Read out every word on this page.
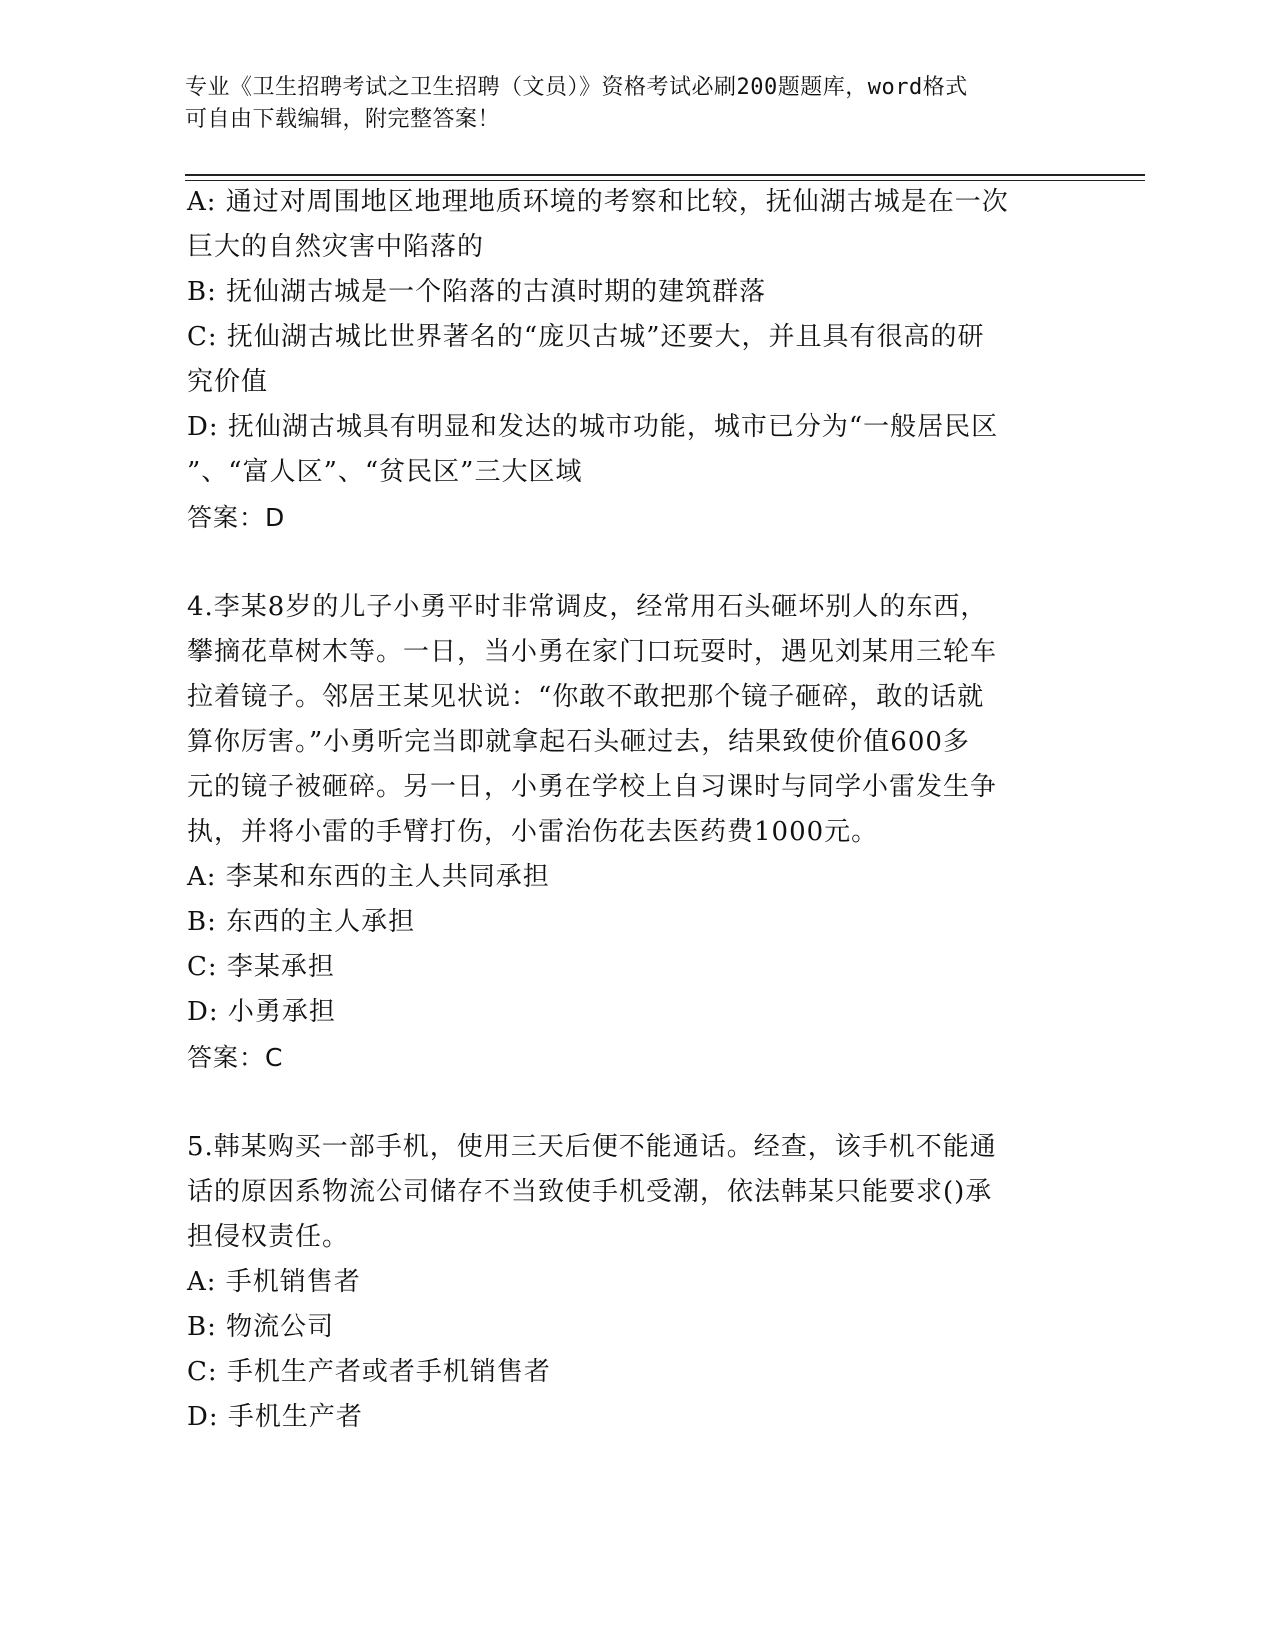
专业《卫生招聘考试之卫生招聘（文员）》资格考试必刷200题题库，word格式
可自由下载编辑，附完整答案！
A: 通过对周围地区地理地质环境的考察和比较，抚仙湖古城是在一次
巨大的自然灾害中陷落的
B: 抚仙湖古城是一个陷落的古滇时期的建筑群落
C: 抚仙湖古城比世界著名的“庞贝古城”还要大，并且具有很高的研
究价值
D: 抚仙湖古城具有明显和发达的城市功能，城市已分为“一般居民区
”、“富人区”、“贫民区”三大区域
答案：D
4.李某8岁的儿子小勇平时非常调皮，经常用石头砸坏别人的东西，
攀摘花草树木等。一日，当小勇在家门口玩耍时，遇见刘某用三轮车
拉着镜子。邻居王某见状说：“你敢不敢把那个镜子砸碎，敢的话就
算你厉害。”小勇听完当即就拿起石头砸过去，结果致使价值600多
元的镜子被砸碎。另一日，小勇在学校上自习课时与同学小雷发生争
执，并将小雷的手臂打伤，小雷治伤花去医药费1000元。
A: 李某和东西的主人共同承担
B: 东西的主人承担
C: 李某承担
D: 小勇承担
答案：C
5.韩某购买一部手机，使用三天后便不能通话。经查，该手机不能通
话的原因系物流公司储存不当致使手机受潮，依法韩某只能要求()承
担侵权责任。
A: 手机销售者
B: 物流公司
C: 手机生产者或者手机销售者
D: 手机生产者
